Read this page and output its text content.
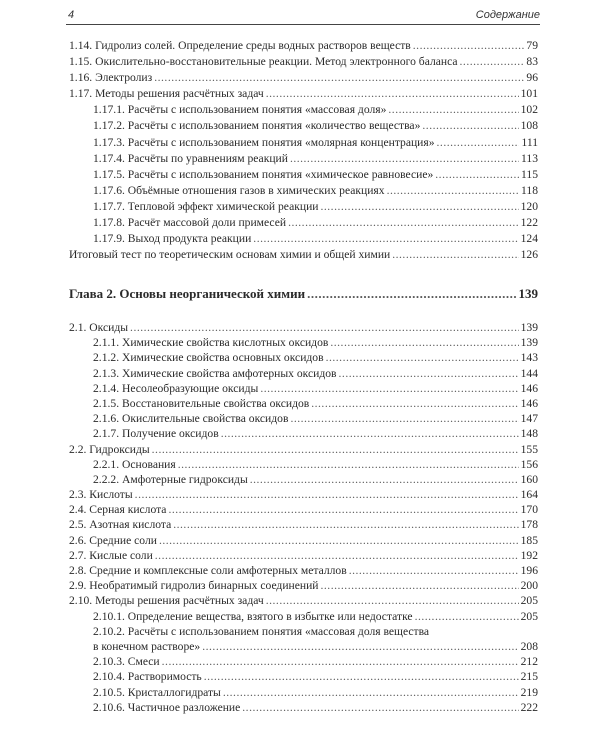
4	Содержание
1.14. Гидролиз солей. Определение среды водных растворов веществ .....	79
1.15. Окислительно-восстановительные реакции. Метод электронного баланса .....	83
1.16. Электролиз .....	96
1.17. Методы решения расчётных задач .....	101
1.17.1. Расчёты с использованием понятия «массовая доля» .....	102
1.17.2. Расчёты с использованием понятия «количество вещества» .....	108
1.17.3. Расчёты с использованием понятия «молярная концентрация» .....	111
1.17.4. Расчёты по уравнениям реакций .....	113
1.17.5. Расчёты с использованием понятия «химическое равновесие» .....	115
1.17.6. Объёмные отношения газов в химических реакциях .....	118
1.17.7. Тепловой эффект химической реакции .....	120
1.17.8. Расчёт массовой доли примесей .....	122
1.17.9. Выход продукта реакции .....	124
Итоговый тест по теоретическим основам химии и общей химии .....	126
Глава 2. Основы неорганической химии .....	139
2.1. Оксиды .....	139
2.1.1. Химические свойства кислотных оксидов .....	139
2.1.2. Химические свойства основных оксидов .....	143
2.1.3. Химические свойства амфотерных оксидов .....	144
2.1.4. Несолеобразующие оксиды .....	146
2.1.5. Восстановительные свойства оксидов .....	146
2.1.6. Окислительные свойства оксидов .....	147
2.1.7. Получение оксидов .....	148
2.2. Гидроксиды .....	155
2.2.1. Основания .....	156
2.2.2. Амфотерные гидроксиды .....	160
2.3. Кислоты .....	164
2.4. Серная кислота .....	170
2.5. Азотная кислота .....	178
2.6. Средние соли .....	185
2.7. Кислые соли .....	192
2.8. Средние и комплексные соли амфотерных металлов .....	196
2.9. Необратимый гидролиз бинарных соединений .....	200
2.10. Методы решения расчётных задач .....	205
2.10.1. Определение вещества, взятого в избытке или недостатке .....	205
2.10.2. Расчёты с использованием понятия «массовая доля вещества
в конечном растворе» .....	208
2.10.3. Смеси .....	212
2.10.4. Растворимость .....	215
2.10.5. Кристаллогидраты .....	219
2.10.6. Частичное разложение .....	222
